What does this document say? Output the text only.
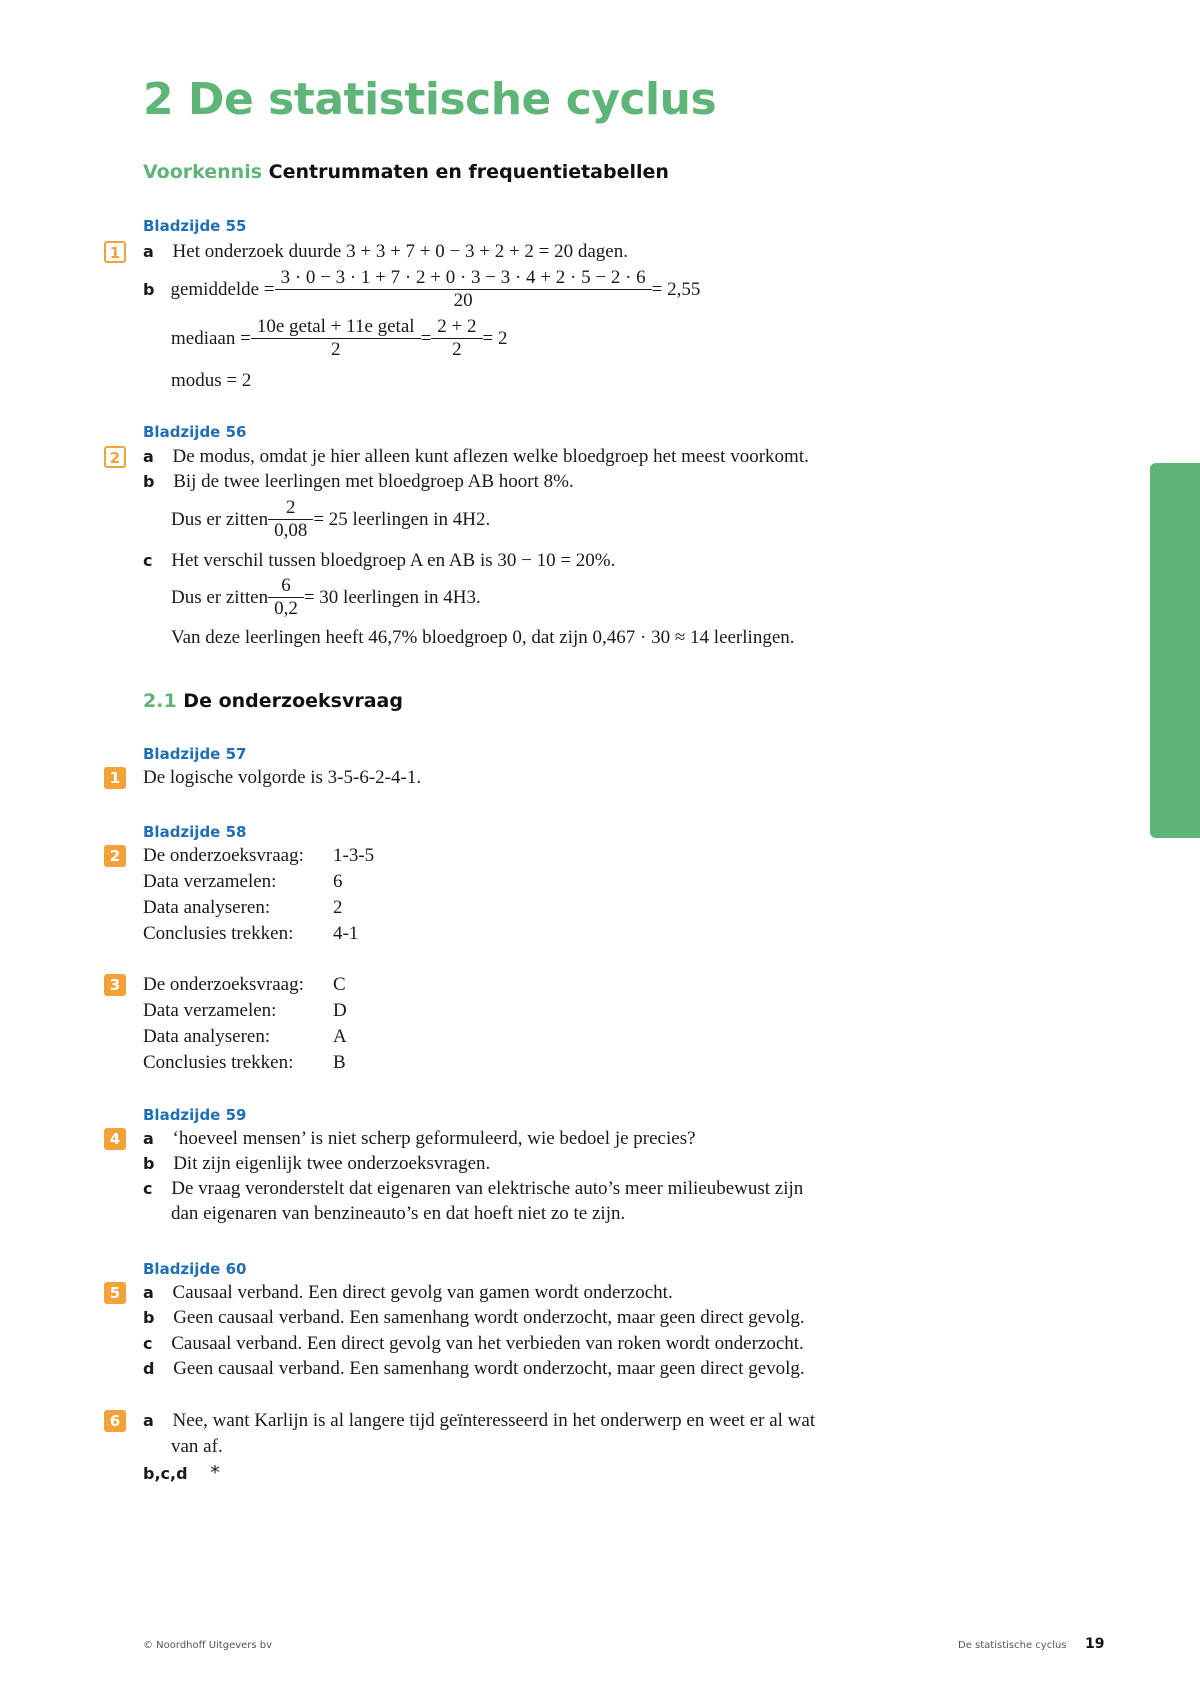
2 De statistische cyclus
Voorkennis Centrummaten en frequentietabellen
Bladzijde 55
1	a Het onderzoek duurde 3 + 3 + 7 + 0 − 3 + 2 + 2 = 20 dagen.
b gemiddelde = $\frac{3 \cdot 0 - 3 \cdot 1 + 7 \cdot 2 + 0 \cdot 3 - 3 \cdot 4 + 2 \cdot 5 - 2 \cdot 6}{20} = 2,55$
mediaan = $\frac{\text{10e getal + 11e getal}}{2} = \frac{2 + 2}{2} = 2$
modus = 2
Bladzijde 56
2	a De modus, omdat je hier alleen kunt aflezen welke bloedgroep het meest voorkomt.
b Bij de twee leerlingen met bloedgroep AB hoort 8%.
Dus er zitten $\frac{2}{0,08} = 25$ leerlingen in 4H2.
c Het verschil tussen bloedgroep A en AB is 30 − 10 = 20%.
Dus er zitten $\frac{6}{0,2} = 30$ leerlingen in 4H3.
Van deze leerlingen heeft 46,7% bloedgroep 0, dat zijn 0,467 · 30 ≈ 14 leerlingen.
2.1 De onderzoeksvraag
Bladzijde 57
1	De logische volgorde is 3-5-6-2-4-1.
Bladzijde 58
2	De onderzoeksvraag:	1-3-5
Data verzamelen:	6
Data analyseren:	2
Conclusies trekken:	4-1
3	De onderzoeksvraag:	C
Data verzamelen:	D
Data analyseren:	A
Conclusies trekken:	B
Bladzijde 59
4	a ‘hoeveel mensen’ is niet scherp geformuleerd, wie bedoel je precies?
b Dit zijn eigenlijk twee onderzoeksvragen.
c De vraag veronderstelt dat eigenaren van elektrische auto’s meer milieubewust zijn
dan eigenaren van benzineauto’s en dat hoeft niet zo te zijn.
Bladzijde 60
5	a Causaal verband. Een direct gevolg van gamen wordt onderzocht.
b Geen causaal verband. Een samenhang wordt onderzocht, maar geen direct gevolg.
c Causaal verband. Een direct gevolg van het verbieden van roken wordt onderzocht.
d Geen causaal verband. Een samenhang wordt onderzocht, maar geen direct gevolg.
6	a Nee, want Karlijn is al langere tijd geïnteresseerd in het onderwerp en weet er al wat
van af.
b,c,d *
© Noordhoff Uitgevers bv	De statistische cyclus 19
